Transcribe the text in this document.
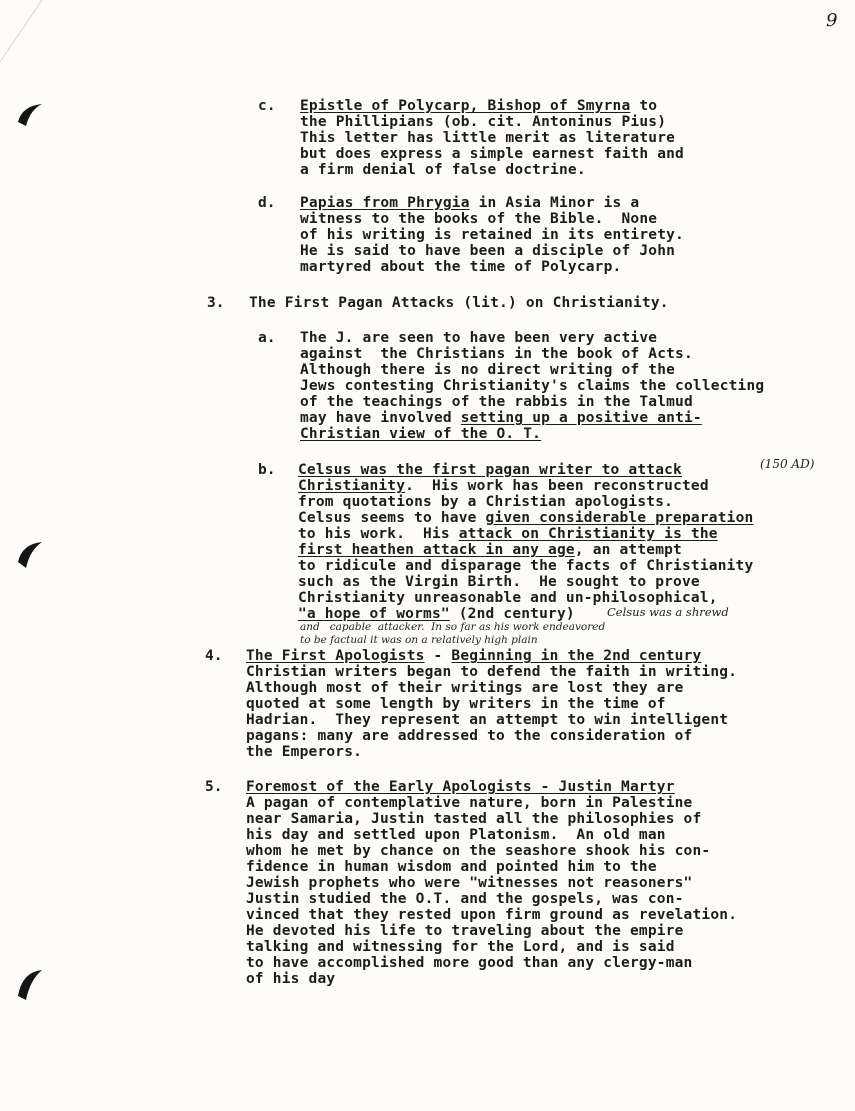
9
c. Epistle of Polycarp, Bishop of Smyrna to
the Phillipians (ob. cit. Antoninus Pius)
This letter has little merit as literature
but does express a simple earnest faith and
a firm denial of false doctrine.
d. Papias from Phrygia in Asia Minor is a
witness to the books of the Bible.  None
of his writing is retained in its entirety.
He is said to have been a disciple of John
martyred about the time of Polycarp.
3. The First Pagan Attacks (lit.) on Christianity.
a. The J. are seen to have been very active
against  the Christians in the book of Acts.
Although there is no direct writing of the
Jews contesting Christianity's claims the collecting
of the teachings of the rabbis in the Talmud
may have involved setting up a positive anti-
Christian view of the O. T.
b.	(150 AD)
Celsus was the first pagan writer to attack
Christianity.  His work has been reconstructed
from quotations by a Christian apologists.
Celsus seems to have given considerable preparation
to his work.  His attack on Christianity is the
first heathen attack in any age, an attempt
to ridicule and disparage the facts of Christianity
such as the Virgin Birth.  He sought to prove
Christianity unreasonable and un-philosophical,
"a hope of worms" (2nd century)	Celsus was a shrewd
and   capable  attacker.  In so far as his work endeavored
to be factual it was on a relatively high plain
4. The First Apologists - Beginning in the 2nd century
Christian writers began to defend the faith in writing.
Although most of their writings are lost they are
quoted at some length by writers in the time of
Hadrian.  They represent an attempt to win intelligent
pagans: many are addressed to the consideration of
the Emperors.
5. Foremost of the Early Apologists - Justin Martyr
A pagan of contemplative nature, born in Palestine
near Samaria, Justin tasted all the philosophies of
his day and settled upon Platonism.  An old man
whom he met by chance on the seashore shook his con-
fidence in human wisdom and pointed him to the
Jewish prophets who were "witnesses not reasoners"
Justin studied the O.T. and the gospels, was con-
vinced that they rested upon firm ground as revelation.
He devoted his life to traveling about the empire
talking and witnessing for the Lord, and is said
to have accomplished more good than any clergy-man
of his day
